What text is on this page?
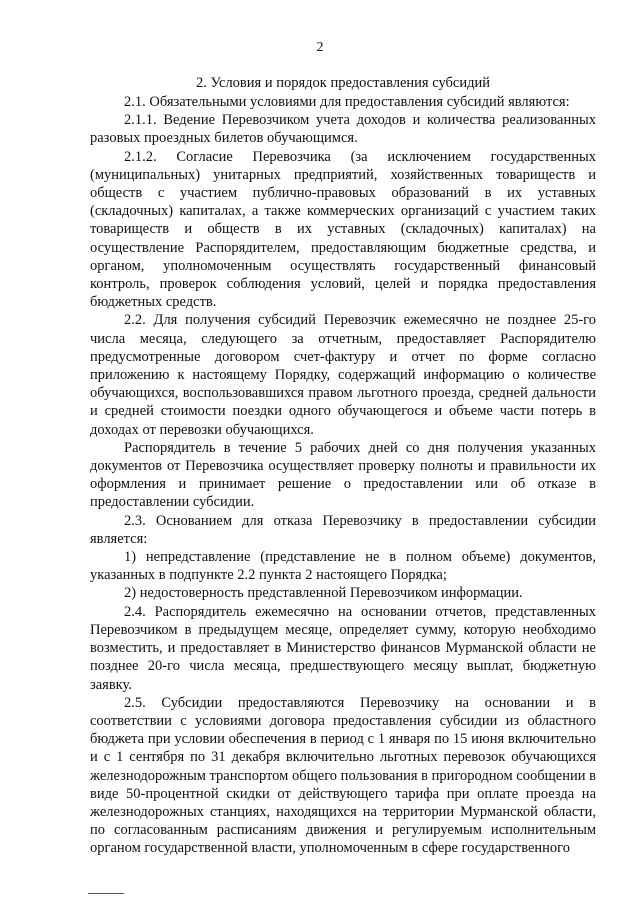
2

2. Условия и порядок предоставления субсидий

2.1. Обязательными условиями для предоставления субсидий являются:

2.1.1. Ведение Перевозчиком учета доходов и количества реализованных разовых проездных билетов обучающимся.

2.1.2. Согласие Перевозчика (за исключением государственных (муниципальных) унитарных предприятий, хозяйственных товариществ и обществ с участием публично-правовых образований в их уставных (складочных) капиталах, а также коммерческих организаций с участием таких товариществ и обществ в их уставных (складочных) капиталах) на осуществление Распорядителем, предоставляющим бюджетные средства, и органом, уполномоченным осуществлять государственный финансовый контроль, проверок соблюдения условий, целей и порядка предоставления бюджетных средств.

2.2. Для получения субсидий Перевозчик ежемесячно не позднее 25-го числа месяца, следующего за отчетным, предоставляет Распорядителю предусмотренные договором счет-фактуру и отчет по форме согласно приложению к настоящему Порядку, содержащий информацию о количестве обучающихся, воспользовавшихся правом льготного проезда, средней дальности и средней стоимости поездки одного обучающегося и объеме части потерь в доходах от перевозки обучающихся.

Распорядитель в течение 5 рабочих дней со дня получения указанных документов от Перевозчика осуществляет проверку полноты и правильности их оформления и принимает решение о предоставлении или об отказе в предоставлении субсидии.

2.3. Основанием для отказа Перевозчику в предоставлении субсидии является:

1) непредставление (представление не в полном объеме) документов, указанных в подпункте 2.2 пункта 2 настоящего Порядка;

2) недостоверность представленной Перевозчиком информации.

2.4. Распорядитель ежемесячно на основании отчетов, представленных Перевозчиком в предыдущем месяце, определяет сумму, которую необходимо возместить, и предоставляет в Министерство финансов Мурманской области не позднее 20-го числа месяца, предшествующего месяцу выплат, бюджетную заявку.

2.5. Субсидии предоставляются Перевозчику на основании и в соответствии с условиями договора предоставления субсидии из областного бюджета при условии обеспечения в период с 1 января по 15 июня включительно и с 1 сентября по 31 декабря включительно льготных перевозок обучающихся железнодорожным транспортом общего пользования в пригородном сообщении в виде 50-процентной скидки от действующего тарифа при оплате проезда на железнодорожных станциях, находящихся на территории Мурманской области, по согласованным расписаниям движения и регулируемым исполнительным органом государственной власти, уполномоченным в сфере государственного
